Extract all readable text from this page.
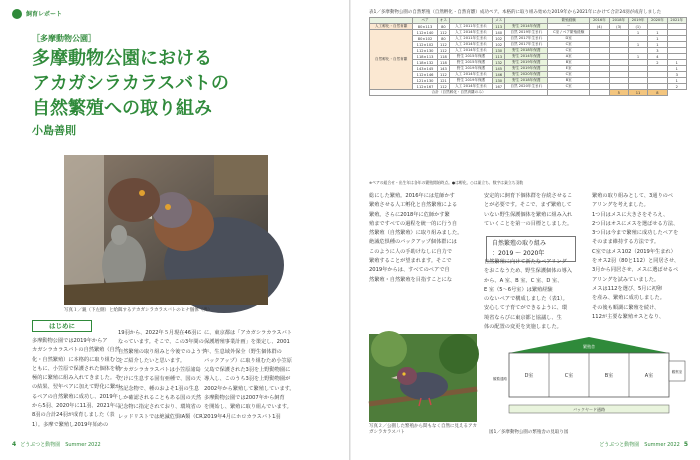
飼育レポート
［多摩動物公園］
多摩動物公園における
アカガシラカラスバトの
自然繁殖への取り組み
小島善則
写真１／親（下左側）と給餌するアカガシラカラスバトのヒナ個体（奥）
はじめに
多摩動物公園では2019年からア
カガシラカラスバトの自然繁殖（自然
化・自然繁殖）に本格的に取り組むと
ともに、小笠原で保護された個体を積
極的に繁殖に組み入れてきました。そ
の結果、翌年ペアに加えて野化に繋が
るペアの自然繁殖に成功し、2019年
から5羽、2020年に11羽、2021年に
8羽の合計24羽が成育しました（表
1）。多摩で繁殖し2019年始めの
19羽から、2022年５月現在46羽に
なっています。そこで、この3年間の
自然繁殖の取り組みと今後でのようす
をご紹介したいと思います。
アカガシラカラスバトは小笠原諸島
だけに生息する固有亜種で、国の天
然記念物で、種のおよそ1羽の生息
しか確認されることもある国の天然
記念物に指定されており、環境省の
レッドリストでは絶滅危惧IA類（CR）
に、東京都は「アカガシラカラスバト
保護増殖事業計画」を策定し、2001
年、生息域外保全（野生個体群の　
バックアップ）に取り組むため小笠原
父島で保護された3羽を上野動物園に
導入し、このうち3羽を上野動物園が
2002年から繁殖して繁殖しています。
多摩動物公園では2007年から飼育
を開始し、繁殖に取り組んでいます。
2019年4月にホロカラスバト1羽
4 どうぶつと動物園　Summer 2022
表1／多摩動物公園の自然繁殖（自然孵化・自然育雛）成功ペア。本格的に取り組み始めた2019年から2021年にかけて合計24羽が成育しました
	ペア	オス		メス		繁殖経験	2016年	2018年	2019年	2020年	2021年
人工孵化・自然育雛	80×113	80	人工 2011年生まれ	113	野生 2014年保護	ー	(4)	(3)	(1)		
自然孵化・自然育雛	112×140	112	人工 2014年生まれ	140	自然 2019年生まれ	C室 / ペア繁殖経験			1	1	
	80×102	80	人工 2011年生まれ	102	自然 2017年生まれ	D室				1	
	112×102	112	人工 2014年生まれ	102	自然 2017年生まれ	C室			1	1	
	112×130	112	人工 2014年生まれ	130	野生 2018年保護	C室				3	
	118×113	118	野生 2015年保護	113	野生 2014年保護	A室			1	4	
	118×132	118	野生 2015年保護	132	野生 2019年保護	B室				2	1
	143×145	143	野生 2019年保護	145	野生 2019年保護	E室					1
	112×146	112	人工 2014年生まれ	146	野生 2020年保護	C室					3
	121×130	121	野生 2019年保護	130	野生 2018年保護	B室					1
	112×167	112	人工 2014年生まれ	167	自然 2020年生まれ	C室					2
合計（自然孵化・自然育雛のみ）								5	11	8	
※ペアの組合せ・出生年は各年の繁殖開始時点。●は孵化、○は巣立ち、数字は巣立ち羽数
総にした繁殖。2016年には危師かす
繁殖させる人工孵化と自然繁殖による
繁殖。さらに2018年に危師かす繁
殖まですべての過程を統一的に行う自
然繁殖（自然繁殖）に取り組みました。
絶滅危惧種のバックアップ個体群には
このように人の手助けなしに自力で
繁殖することが望まれます。そこで
2019年からは、すべてのペアで自
然繁殖・自然繁殖を目指すことにな
安定的に飼育下個体群を存続させるこ
とが必要です。そこで、まず繁殖して
いない野生保護個体を繁殖に組み入れ
ていくことを第一の目標としました。
自然繁殖の取り組み
：2019 ～ 2020年
自然繁殖に向けて新たなペアリング
をおこなうため、野生保護個体の導入
から、A 室、B 室、C 室、D 室、
E 室（5～6号室）は繁殖経験
のないペアで構成しました（表1）。
安心して子育てができるように、環
境省ならびに東京都と協議し、生
体の配置の変更を実施しました。
繁殖の取り組みとして、3通りのペ
アリングを考えました。
1つ目はメスに大きさをそろえ、
2つ目はオスにメスを選ばせる方法、
3つ目は今まで繁殖に成功したペアを
そのまま維持する方法です。
C室ではメス102（2019年生まれ）
をオス2羽（80と112）と同居させ、
3月から同居させ、メスに選ばせるペ
アリングを試みていました。
メスは112を選び、5月に初卵
を産み、繁殖に成功しました。
その後も順調に繁殖を続け、
112が主要な繁殖オスとなり、
写真２／公園した繁殖から間もなく自然に見えるアカガシラカラスバト
繁殖舎
D室	C室	B室	A室
観察室
バックヤード通路
観覧通路
図1／多摩動物公園の繁殖舎の見取り図
どうぶつと動物園　Summer 2022 5
